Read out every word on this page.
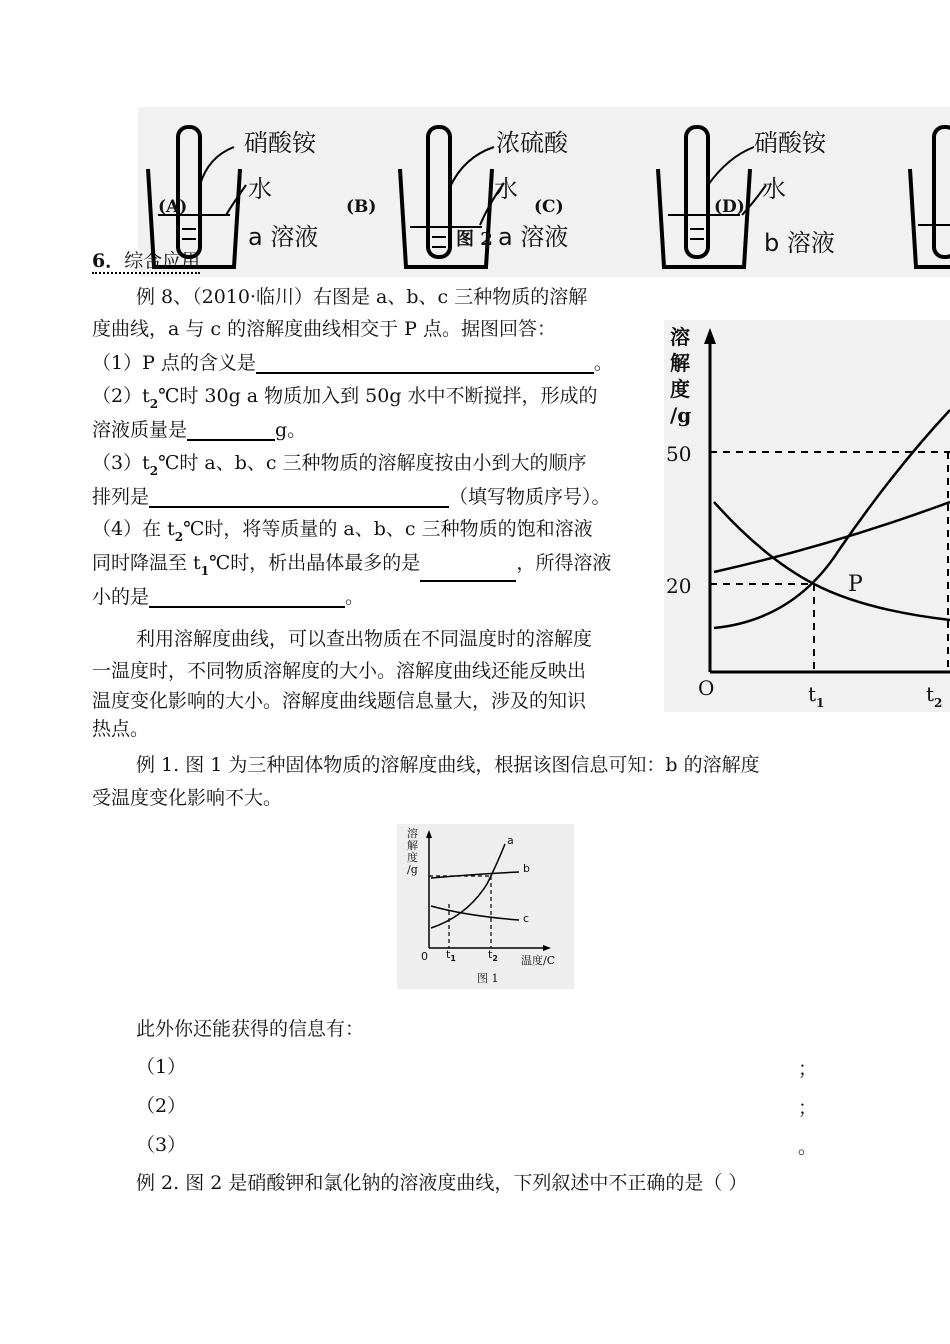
硝酸铵
水
a 溶液
浓硫酸
水
a 溶液
硝酸铵
水
b 溶液
(A)	(B)	(C)	(D)
图 2
6．综合应用
例 8、（2010·临川）右图是 a、b、c 三种物质的溶解
度曲线，a 与 c 的溶解度曲线相交于 P 点。据图回答：
（1）P 点的含义是	。
$(2)t_2℃$时 30g a 物质加入到 50g 水中不断搅拌，形成的
溶液质量是	g。
$(3)t_2℃$时 a、b、c 三种物质的溶解度按由小到大的顺序
排列是	（填写物质序号）。
（4）在 $t_2℃$时，将等质量的 a、b、c 三种物质的饱和溶液
同时降温至 $t_1℃$时，析出晶体最多的是	，所得溶液
小的是	。
溶
解
度
/g
50
20
O
P
$t_1$	$t_2$
利用溶解度曲线，可以查出物质在不同温度时的溶解度
一温度时，不同物质溶解度的大小。溶解度曲线还能反映出
温度变化影响的大小。溶解度曲线题信息量大，涉及的知识
热点。
例 1. 图 1 为三种固体物质的溶解度曲线，根据该图信息可知：b 的溶解度
受温度变化影响不大。
溶
解
度
/g
a
b
c
0 $t_1$	$t_2$ 温度/C
图 1
此外你还能获得的信息有：
（1）	；
（2）	；
（3）	。
例 2. 图 2 是硝酸钾和氯化钠的溶液度曲线，下列叙述中不正确的是（ ）
